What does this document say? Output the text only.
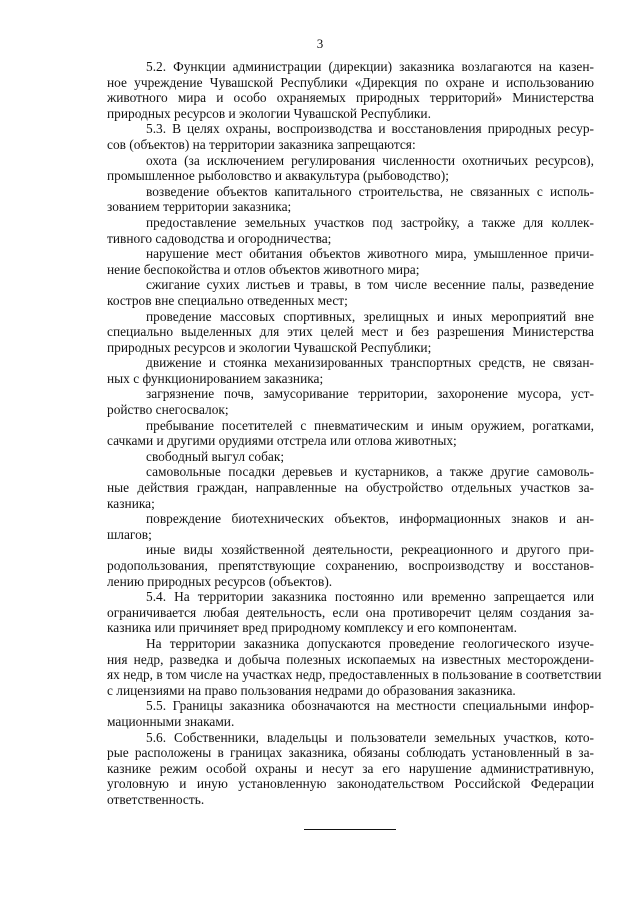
3
5.2. Функции администрации (дирекции) заказника возлагаются на казен-
ное учреждение Чувашской Республики «Дирекция по охране и использованию
животного мира и особо охраняемых природных территорий» Министерства
природных ресурсов и экологии Чувашской Республики.
5.3. В целях охраны, воспроизводства и восстановления природных ресур-
сов (объектов) на территории заказника запрещаются:
охота (за исключением регулирования численности охотничьих ресурсов),
промышленное рыболовство и аквакультура (рыбоводство);
возведение объектов капитального строительства, не связанных с исполь-
зованием территории заказника;
предоставление земельных участков под застройку, а также для коллек-
тивного садоводства и огородничества;
нарушение мест обитания объектов животного мира, умышленное причи-
нение беспокойства и отлов объектов животного мира;
сжигание сухих листьев и травы, в том числе весенние палы, разведение
костров вне специально отведенных мест;
проведение массовых спортивных, зрелищных и иных мероприятий вне
специально выделенных для этих целей мест и без разрешения Министерства
природных ресурсов и экологии Чувашской Республики;
движение и стоянка механизированных транспортных средств, не связан-
ных с функционированием заказника;
загрязнение почв, замусоривание территории, захоронение мусора, уст-
ройство снегосвалок;
пребывание посетителей с пневматическим и иным оружием, рогатками,
сачками и другими орудиями отстрела или отлова животных;
свободный выгул собак;
самовольные посадки деревьев и кустарников, а также другие самоволь-
ные действия граждан, направленные на обустройство отдельных участков за-
казника;
повреждение биотехнических объектов, информационных знаков и ан-
шлагов;
иные виды хозяйственной деятельности, рекреационного и другого при-
родопользования, препятствующие сохранению, воспроизводству и восстанов-
лению природных ресурсов (объектов).
5.4. На территории заказника постоянно или временно запрещается или
ограничивается любая деятельность, если она противоречит целям создания за-
казника или причиняет вред природному комплексу и его компонентам.
На территории заказника допускаются проведение геологического изуче-
ния недр, разведка и добыча полезных ископаемых на известных месторождени-
ях недр, в том числе на участках недр, предоставленных в пользование в соответствии
с лицензиями на право пользования недрами до образования заказника.
5.5. Границы заказника обозначаются на местности специальными инфор-
мационными знаками.
5.6. Собственники, владельцы и пользователи земельных участков, кото-
рые расположены в границах заказника, обязаны соблюдать установленный в за-
казнике режим особой охраны и несут за его нарушение административную,
уголовную и иную установленную законодательством Российской Федерации
ответственность.
